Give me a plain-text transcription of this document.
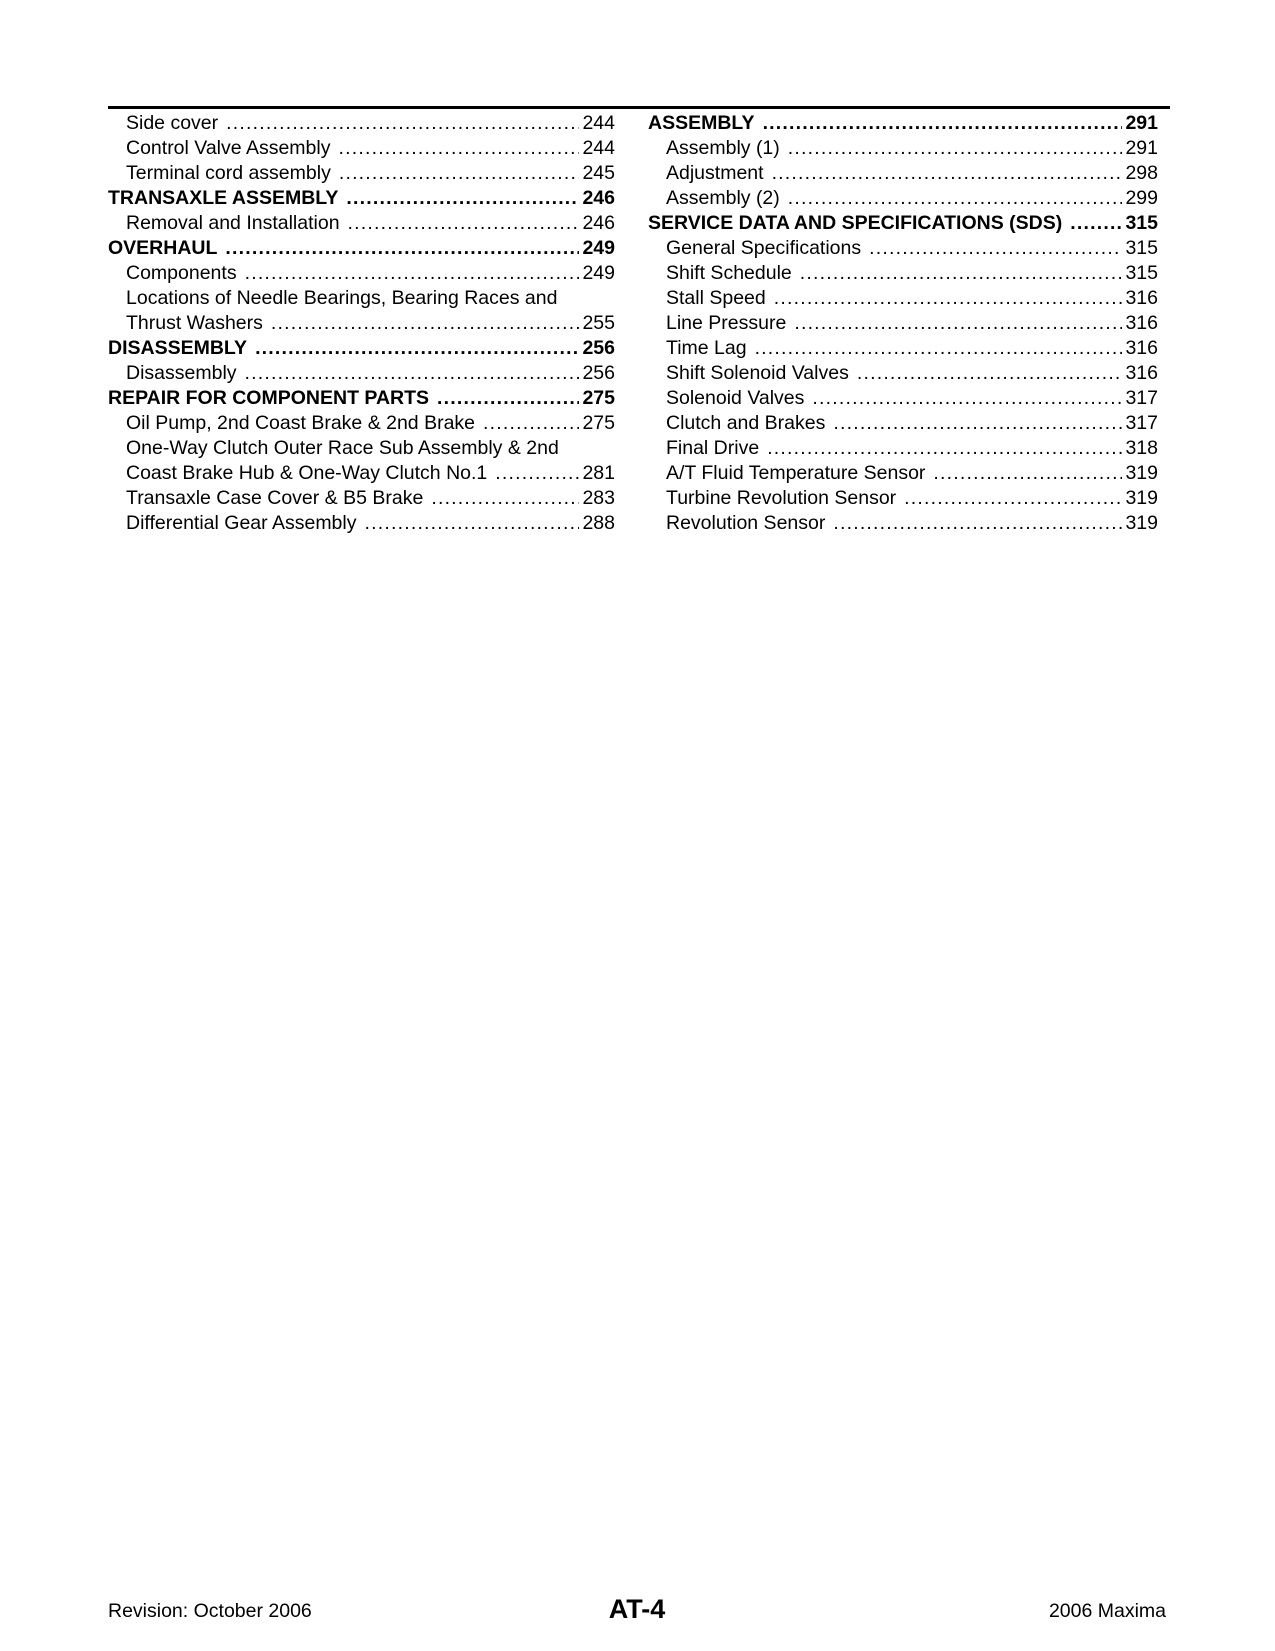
Side cover .....	244
Control Valve Assembly .....	244
Terminal cord assembly .....	245
TRANSAXLE ASSEMBLY .....	246
Removal and Installation .....	246
OVERHAUL .....	249
Components .....	249
Locations of Needle Bearings, Bearing Races and
Thrust Washers .....	255
DISASSEMBLY .....	256
Disassembly .....	256
REPAIR FOR COMPONENT PARTS .....	275
Oil Pump, 2nd Coast Brake & 2nd Brake .....	275
One-Way Clutch Outer Race Sub Assembly & 2nd
Coast Brake Hub & One-Way Clutch No.1 .....	281
Transaxle Case Cover & B5 Brake .....	283
Differential Gear Assembly .....	288
ASSEMBLY .....	291
Assembly (1) .....	291
Adjustment .....	298
Assembly (2) .....	299
SERVICE DATA AND SPECIFICATIONS (SDS) .....	315
General Specifications .....	315
Shift Schedule .....	315
Stall Speed .....	316
Line Pressure .....	316
Time Lag .....	316
Shift Solenoid Valves .....	316
Solenoid Valves .....	317
Clutch and Brakes .....	317
Final Drive .....	318
A/T Fluid Temperature Sensor .....	319
Turbine Revolution Sensor .....	319
Revolution Sensor .....	319
Revision: October 2006	AT-4	2006 Maxima
